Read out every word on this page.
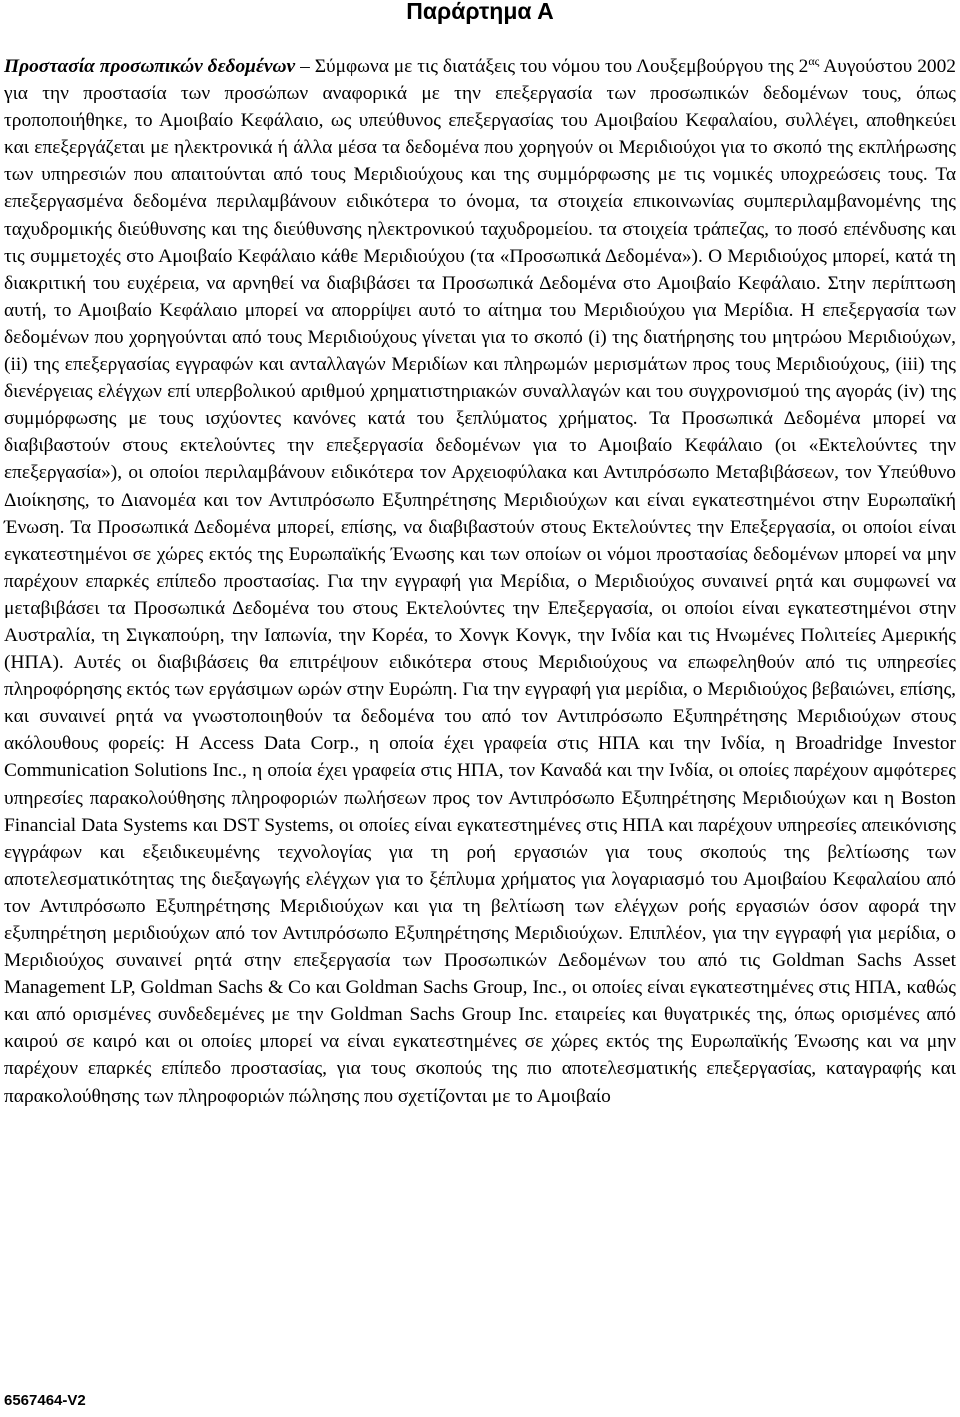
Παράρτημα Α

Προστασία προσωπικών δεδομένων – Σύμφωνα με τις διατάξεις του νόμου του Λουξεμβούργου της $2^{\alpha\varsigma}$ Αυγούστου 2002 για την προστασία των προσώπων αναφορικά με την επεξεργασία των προσωπικών δεδομένων τους, όπως τροποποιήθηκε, το Αμοιβαίο Κεφάλαιο, ως υπεύθυνος επεξεργασίας του Αμοιβαίου Κεφαλαίου, συλλέγει, αποθηκεύει και επεξεργάζεται με ηλεκτρονικά ή άλλα μέσα τα δεδομένα που χορηγούν οι Μεριδιούχοι για το σκοπό της εκπλήρωσης των υπηρεσιών που απαιτούνται από τους Μεριδιούχους και της συμμόρφωσης με τις νομικές υποχρεώσεις τους. Τα επεξεργασμένα δεδομένα περιλαμβάνουν ειδικότερα το όνομα, τα στοιχεία επικοινωνίας συμπεριλαμβανομένης της ταχυδρομικής διεύθυνσης και της διεύθυνσης ηλεκτρονικού ταχυδρομείου. τα στοιχεία τράπεζας, το ποσό επένδυσης και τις συμμετοχές στο Αμοιβαίο Κεφάλαιο κάθε Μεριδιούχου (τα «Προσωπικά Δεδομένα»). Ο Μεριδιούχος μπορεί, κατά τη διακριτική του ευχέρεια, να αρνηθεί να διαβιβάσει τα Προσωπικά Δεδομένα στο Αμοιβαίο Κεφάλαιο. Στην περίπτωση αυτή, το Αμοιβαίο Κεφάλαιο μπορεί να απορρίψει αυτό το αίτημα του Μεριδιούχου για Μερίδια. Η επεξεργασία των δεδομένων που χορηγούνται από τους Μεριδιούχους γίνεται για το σκοπό (i) της διατήρησης του μητρώου Μεριδιούχων, (ii) της επεξεργασίας εγγραφών και ανταλλαγών Μεριδίων και πληρωμών μερισμάτων προς τους Μεριδιούχους, (iii) της διενέργειας ελέγχων επί υπερβολικού αριθμού χρηματιστηριακών συναλλαγών και του συγχρονισμού της αγοράς (iv) της συμμόρφωσης με τους ισχύοντες κανόνες κατά του ξεπλύματος χρήματος. Τα Προσωπικά Δεδομένα μπορεί να διαβιβαστούν στους εκτελούντες την επεξεργασία δεδομένων για το Αμοιβαίο Κεφάλαιο (οι «Εκτελούντες την επεξεργασία»), οι οποίοι περιλαμβάνουν ειδικότερα τον Αρχειοφύλακα και Αντιπρόσωπο Μεταβιβάσεων, τον Υπεύθυνο Διοίκησης, το Διανομέα και τον Αντιπρόσωπο Εξυπηρέτησης Μεριδιούχων και είναι εγκατεστημένοι στην Ευρωπαϊκή Ένωση. Τα Προσωπικά Δεδομένα μπορεί, επίσης, να διαβιβαστούν στους Εκτελούντες την Επεξεργασία, οι οποίοι είναι εγκατεστημένοι σε χώρες εκτός της Ευρωπαϊκής Ένωσης και των οποίων οι νόμοι προστασίας δεδομένων μπορεί να μην παρέχουν επαρκές επίπεδο προστασίας. Για την εγγραφή για Μερίδια, ο Μεριδιούχος συναινεί ρητά και συμφωνεί να μεταβιβάσει τα Προσωπικά Δεδομένα του στους Εκτελούντες την Επεξεργασία, οι οποίοι είναι εγκατεστημένοι στην Αυστραλία, τη Σιγκαπούρη, την Ιαπωνία, την Κορέα, το Χονγκ Κονγκ, την Ινδία και τις Ηνωμένες Πολιτείες Αμερικής (ΗΠΑ). Αυτές οι διαβιβάσεις θα επιτρέψουν ειδικότερα στους Μεριδιούχους να επωφεληθούν από τις υπηρεσίες πληροφόρησης εκτός των εργάσιμων ωρών στην Ευρώπη. Για την εγγραφή για μερίδια, ο Μεριδιούχος βεβαιώνει, επίσης, και συναινεί ρητά να γνωστοποιηθούν τα δεδομένα του από τον Αντιπρόσωπο Εξυπηρέτησης Μεριδιούχων στους ακόλουθους φορείς: Η Access Data Corp., η οποία έχει γραφεία στις ΗΠΑ και την Ινδία, η Broadridge Investor Communication Solutions Inc., η οποία έχει γραφεία στις ΗΠΑ, τον Καναδά και την Ινδία, οι οποίες παρέχουν αμφότερες υπηρεσίες παρακολούθησης πληροφοριών πωλήσεων προς τον Αντιπρόσωπο Εξυπηρέτησης Μεριδιούχων και η Boston Financial Data Systems και DST Systems, οι οποίες είναι εγκατεστημένες στις ΗΠΑ και παρέχουν υπηρεσίες απεικόνισης εγγράφων και εξειδικευμένης τεχνολογίας για τη ροή εργασιών για τους σκοπούς της βελτίωσης των αποτελεσματικότητας της διεξαγωγής ελέγχων για το ξέπλυμα χρήματος για λογαριασμό του Αμοιβαίου Κεφαλαίου από τον Αντιπρόσωπο Εξυπηρέτησης Μεριδιούχων και για τη βελτίωση των ελέγχων ροής εργασιών όσον αφορά την εξυπηρέτηση μεριδιούχων από τον Αντιπρόσωπο Εξυπηρέτησης Μεριδιούχων. Επιπλέον, για την εγγραφή για μερίδια, ο Μεριδιούχος συναινεί ρητά στην επεξεργασία των Προσωπικών Δεδομένων του από τις Goldman Sachs Asset Management LP, Goldman Sachs & Co και Goldman Sachs Group, Inc., οι οποίες είναι εγκατεστημένες στις ΗΠΑ, καθώς και από ορισμένες συνδεδεμένες με την Goldman Sachs Group Inc. εταιρείες και θυγατρικές της, όπως ορισμένες από καιρού σε καιρό και οι οποίες μπορεί να είναι εγκατεστημένες σε χώρες εκτός της Ευρωπαϊκής Ένωσης και να μην παρέχουν επαρκές επίπεδο προστασίας, για τους σκοπούς της πιο αποτελεσματικής επεξεργασίας, καταγραφής και παρακολούθησης των πληροφοριών πώλησης που σχετίζονται με το Αμοιβαίο

6567464-V2
